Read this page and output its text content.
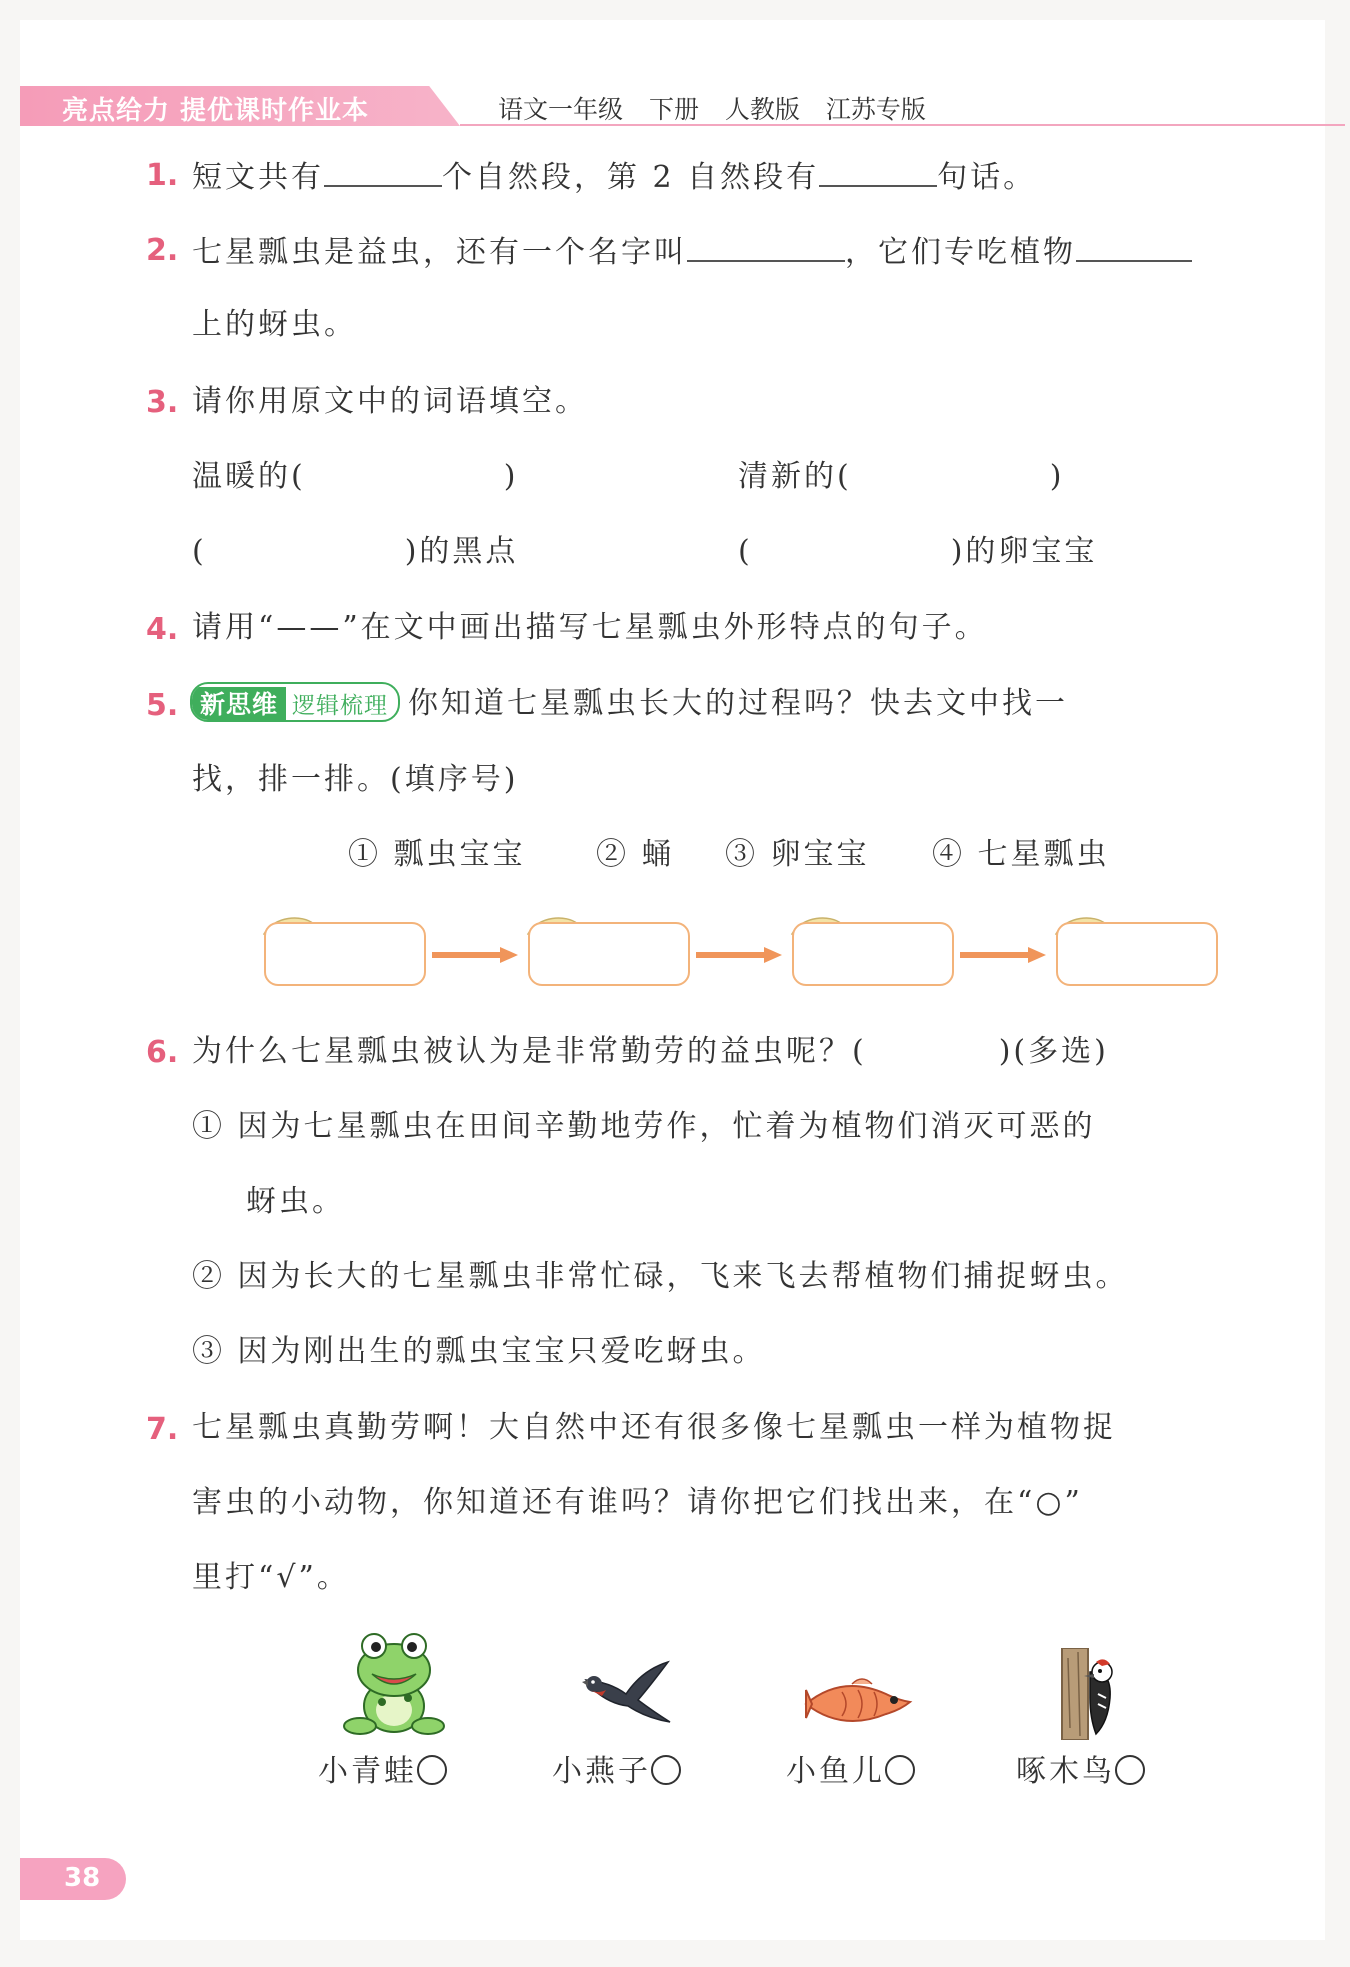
亮点给力 提优课时作业本	语文一年级 下册 人教版 江苏专版
1. 短文共有	个自然段，第 2 自然段有	句话。
2. 七星瓢虫是益虫，还有一个名字叫	，它们专吃植物
上的蚜虫。
3. 请你用原文中的词语填空。
温暖的(　　　　　　)	清新的(　　　　　　)
(　　　　　　)的黑点	(　　　　　　)的卵宝宝
4. 请用“——”在文中画出描写七星瓢虫外形特点的句子。
5. 新思维 逻辑梳理 你知道七星瓢虫长大的过程吗？快去文中找一
找，排一排。(填序号)
① 瓢虫宝宝 ② 蛹 ③ 卵宝宝 ④ 七星瓢虫
6. 为什么七星瓢虫被认为是非常勤劳的益虫呢？(　　　　)(多选)
① 因为七星瓢虫在田间辛勤地劳作，忙着为植物们消灭可恶的
蚜虫。
② 因为长大的七星瓢虫非常忙碌，飞来飞去帮植物们捕捉蚜虫。
③ 因为刚出生的瓢虫宝宝只爱吃蚜虫。
7. 七星瓢虫真勤劳啊！大自然中还有很多像七星瓢虫一样为植物捉
害虫的小动物，你知道还有谁吗？请你把它们找出来，在“○”
里打“√”。
小青蛙	小燕子	小鱼儿	啄木鸟
38
